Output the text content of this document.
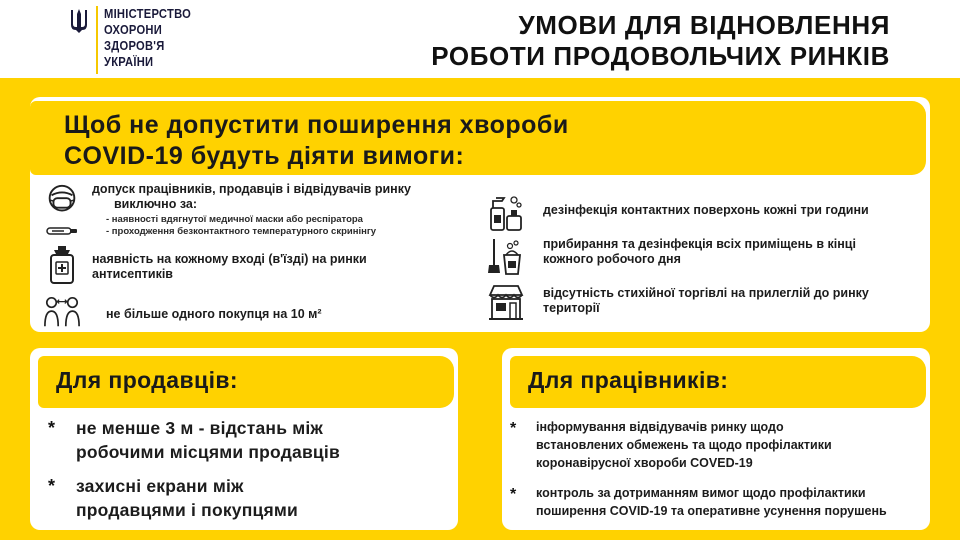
МІНІСТЕРСТВО
ОХОРОНИ
ЗДОРОВ'Я
УКРАЇНИ
УМОВИ ДЛЯ ВІДНОВЛЕННЯ
РОБОТИ ПРОДОВОЛЬЧИХ РИНКІВ
Щоб не допустити поширення хвороби
COVID-19 будуть діяти вимоги:
допуск працівників, продавців і відвідувачів ринку
виключно за:
- наявності вдягнутої медичної маски або респіратора
- проходження безконтактного температурного скринінгу
наявність на кожному вході (в'їзді) на ринки
антисептиків
не більше одного покупця на 10 м²
дезінфекція контактних поверхонь кожні три години
прибирання та дезінфекція всіх приміщень в кінці
кожного робочого дня
відсутність стихійної торгівлі на прилеглій до ринку
території
Для продавців:
*	не менше 3 м - відстань між
робочими місцями продавців
*	захисні екрани між
продавцями і покупцями
Для працівників:
*	інформування відвідувачів ринку щодо
встановлених обмежень та щодо профілактики
коронавірусної хвороби COVED-19
*	контроль за дотриманням вимог щодо профілактики
поширення COVID-19 та оперативне усунення порушень
